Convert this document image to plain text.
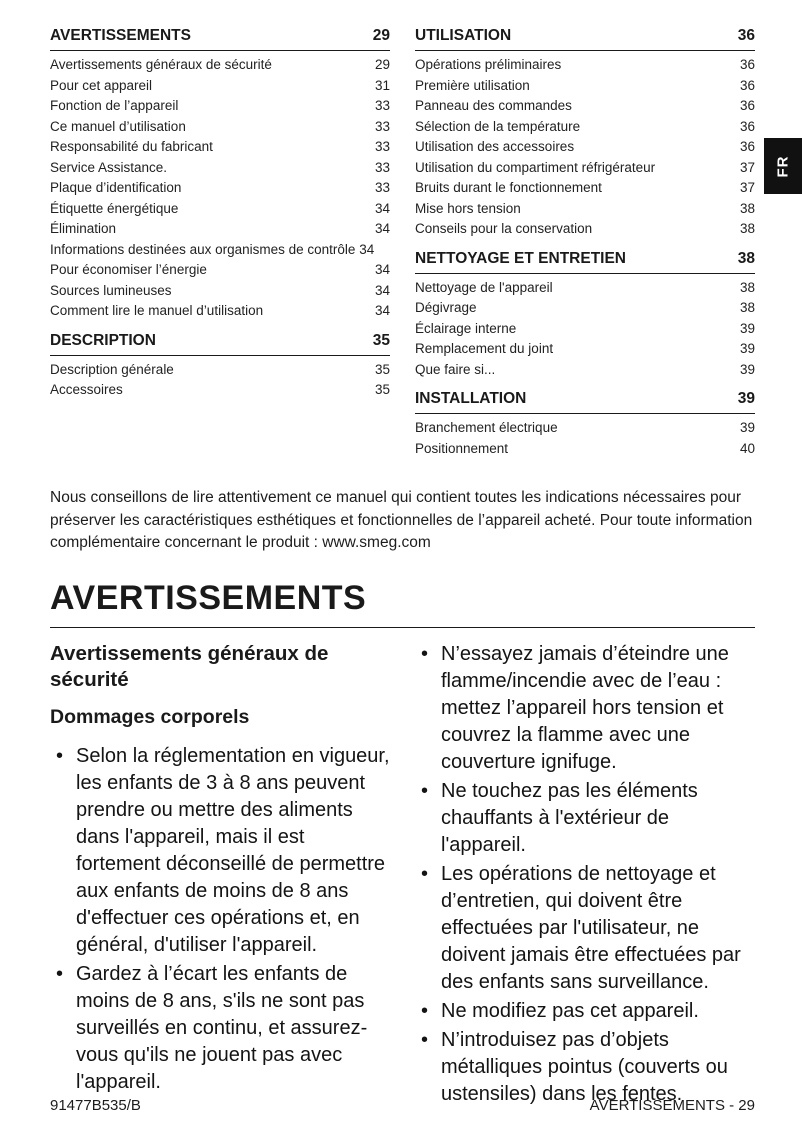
FR
AVERTISSEMENTS	29
Avertissements généraux de sécurité	29
Pour cet appareil	31
Fonction de l’appareil	33
Ce manuel d’utilisation	33
Responsabilité du fabricant	33
Service Assistance.	33
Plaque d’identification	33
Étiquette énergétique	34
Élimination	34
Informations destinées aux organismes de contrôle 34
Pour économiser l’énergie	34
Sources lumineuses	34
Comment lire le manuel d’utilisation	34
DESCRIPTION	35
Description générale	35
Accessoires	35
UTILISATION	36
Opérations préliminaires	36
Première utilisation	36
Panneau des commandes	36
Sélection de la température	36
Utilisation des accessoires	36
Utilisation du compartiment réfrigérateur	37
Bruits durant le fonctionnement	37
Mise hors tension	38
Conseils pour la conservation	38
NETTOYAGE ET ENTRETIEN	38
Nettoyage de l'appareil	38
Dégivrage	38
Éclairage interne	39
Remplacement du joint	39
Que faire si...	39
INSTALLATION	39
Branchement électrique	39
Positionnement	40

Nous conseillons de lire attentivement ce manuel qui contient toutes les indications nécessaires pour préserver les caractéristiques esthétiques et fonctionnelles de l’appareil acheté. Pour toute information complémentaire concernant le produit : www.smeg.com

AVERTISSEMENTS
Avertissements généraux de sécurité
Dommages corporels
• Selon la réglementation en vigueur, les enfants de 3 à 8 ans peuvent prendre ou mettre des aliments dans l'appareil, mais il est fortement déconseillé de permettre aux enfants de moins de 8 ans d'effectuer ces opérations et, en général, d'utiliser l'appareil.
• Gardez à l’écart les enfants de moins de 8 ans, s'ils ne sont pas surveillés en continu, et assurez-vous qu'ils ne jouent pas avec l'appareil.
• N’essayez jamais d’éteindre une flamme/incendie avec de l’eau : mettez l’appareil hors tension et couvrez la flamme avec une couverture ignifuge.
• Ne touchez pas les éléments chauffants à l'extérieur de l'appareil.
• Les opérations de nettoyage et d’entretien, qui doivent être effectuées par l'utilisateur, ne doivent jamais être effectuées par des enfants sans surveillance.
• Ne modifiez pas cet appareil.
• N’introduisez pas d’objets métalliques pointus (couverts ou ustensiles) dans les fentes.
91477B535/B	AVERTISSEMENTS - 29
